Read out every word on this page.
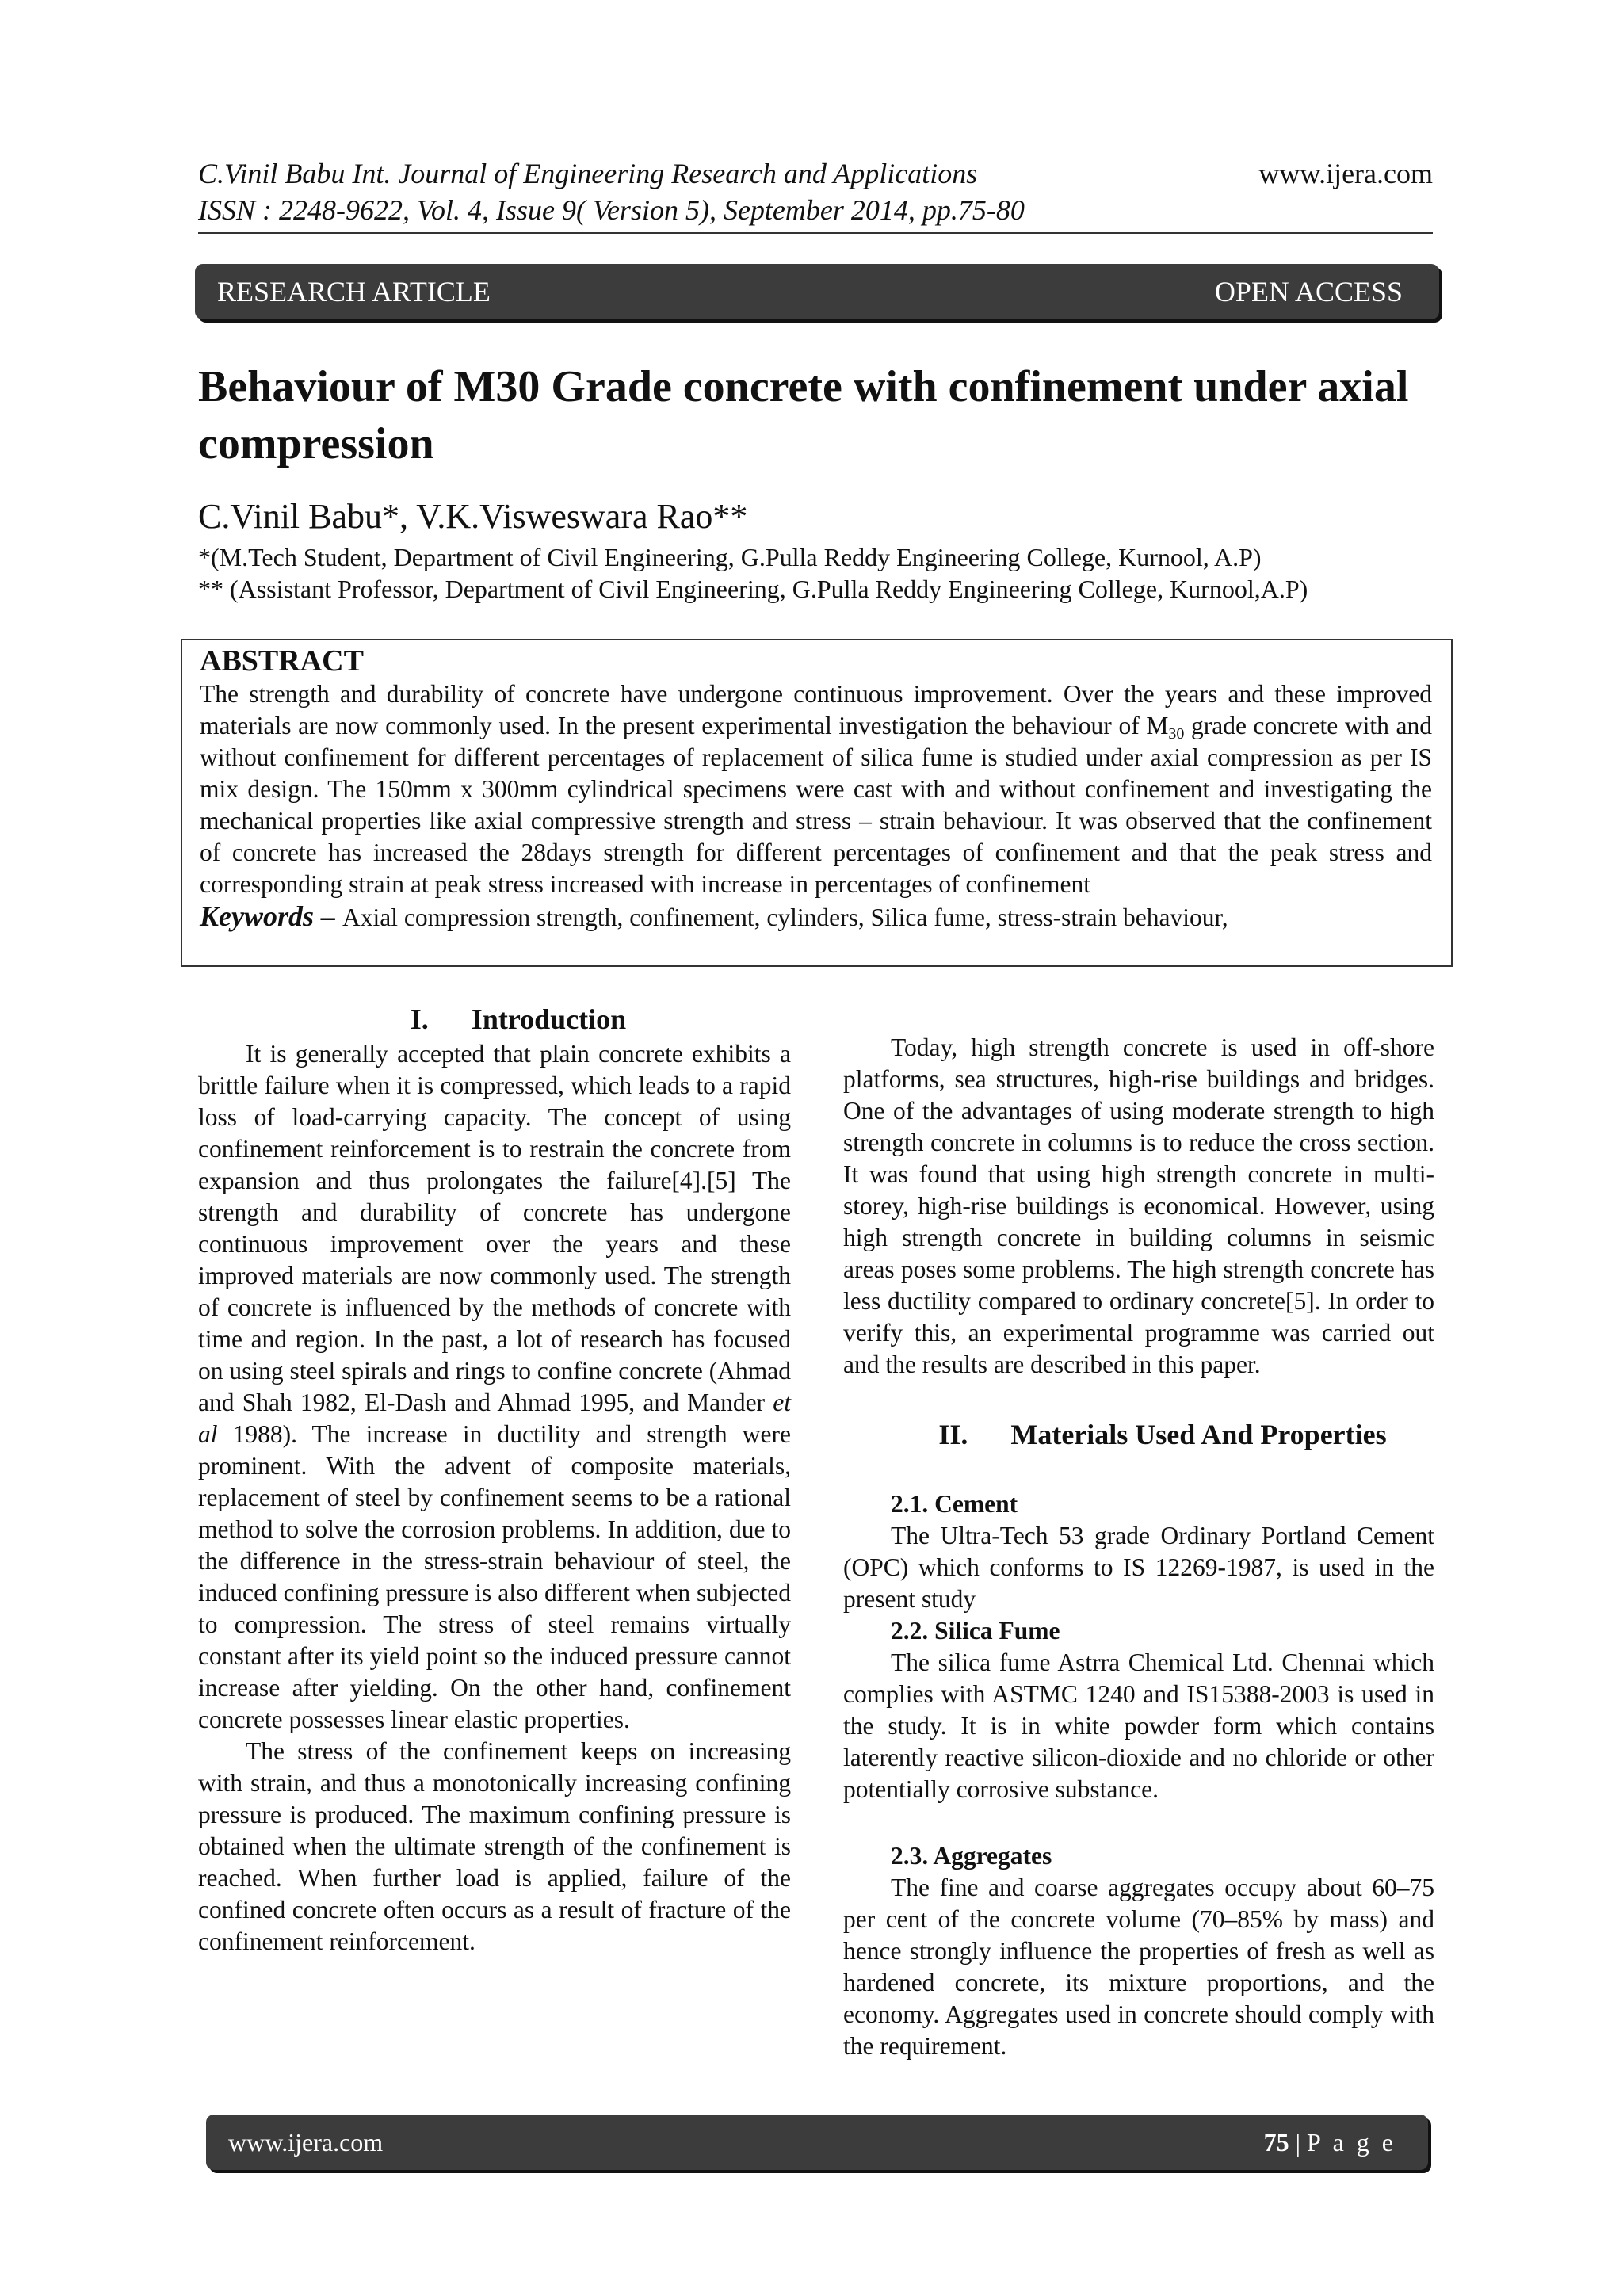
C.Vinil Babu Int. Journal of Engineering Research and Applications	www.ijera.com
ISSN : 2248-9622, Vol. 4, Issue 9( Version 5), September 2014, pp.75-80
RESEARCH ARTICLE	OPEN ACCESS
Behaviour of M30 Grade concrete with confinement under axial compression
C.Vinil Babu*, V.K.Visweswara Rao**
*(M.Tech Student, Department of Civil Engineering, G.Pulla Reddy Engineering College, Kurnool, A.P)
** (Assistant Professor, Department of Civil Engineering, G.Pulla Reddy Engineering College, Kurnool,A.P)
ABSTRACT

The strength and durability of concrete have undergone continuous improvement. Over the years and these improved materials are now commonly used. In the present experimental investigation the behaviour of $M_{30}$ grade concrete with and without confinement for different percentages of replacement of silica fume is studied under axial compression as per IS mix design. The 150mm x 300mm cylindrical specimens were cast with and without confinement and investigating the mechanical properties like axial compressive strength and stress – strain behaviour. It was observed that the confinement of concrete has increased the 28days strength for different percentages of confinement and that the peak stress and corresponding strain at peak stress increased with increase in percentages of confinement

Keywords – Axial compression strength, confinement, cylinders, Silica fume, stress-strain behaviour,

I.      Introduction

It is generally accepted that plain concrete exhibits a brittle failure when it is compressed, which leads to a rapid loss of load-carrying capacity. The concept of using confinement reinforcement is to restrain the concrete from expansion and thus prolongates the failure[4].[5] The strength and durability of concrete has undergone continuous improvement over the years and these improved materials are now commonly used. The strength of concrete is influenced by the methods of concrete with time and region. In the past, a lot of research has focused on using steel spirals and rings to confine concrete (Ahmad and Shah 1982, El-Dash and Ahmad 1995, and Mander et al 1988). The increase in ductility and strength were prominent. With the advent of composite materials, replacement of steel by confinement seems to be a rational method to solve the corrosion problems. In addition, due to the difference in the stress-strain behaviour of steel, the induced confining pressure is also different when subjected to compression. The stress of steel remains virtually constant after its yield point so the induced pressure cannot increase after yielding. On the other hand, confinement concrete possesses linear elastic properties.

The stress of the confinement keeps on increasing with strain, and thus a monotonically increasing confining pressure is produced. The maximum confining pressure is obtained when the ultimate strength of the confinement is reached. When further load is applied, failure of the confined concrete often occurs as a result of fracture of the confinement reinforcement.

Today, high strength concrete is used in off-shore platforms, sea structures, high-rise buildings and bridges. One of the advantages of using moderate strength to high strength concrete in columns is to reduce the cross section. It was found that using high strength concrete in multi-storey, high-rise buildings is economical. However, using high strength concrete in building columns in seismic areas poses some problems. The high strength concrete has less ductility compared to ordinary concrete[5]. In order to verify this, an experimental programme was carried out and the results are described in this paper.

II.      Materials Used And Properties

2.1. Cement

The Ultra-Tech 53 grade Ordinary Portland Cement (OPC) which conforms to IS 12269-1987, is used in the present study

2.2. Silica Fume

The silica fume Astrra Chemical Ltd. Chennai which complies with ASTMC 1240 and IS15388-2003 is used in the study. It is in white powder form which contains laterently reactive silicon-dioxide and no chloride or other potentially corrosive substance.

2.3. Aggregates

The fine and coarse aggregates occupy about 60–75 per cent of the concrete volume (70–85% by mass) and hence strongly influence the properties of fresh as well as hardened concrete, its mixture proportions, and the economy. Aggregates used in concrete should comply with the requirement.

www.ijera.com	75 | P a g e
